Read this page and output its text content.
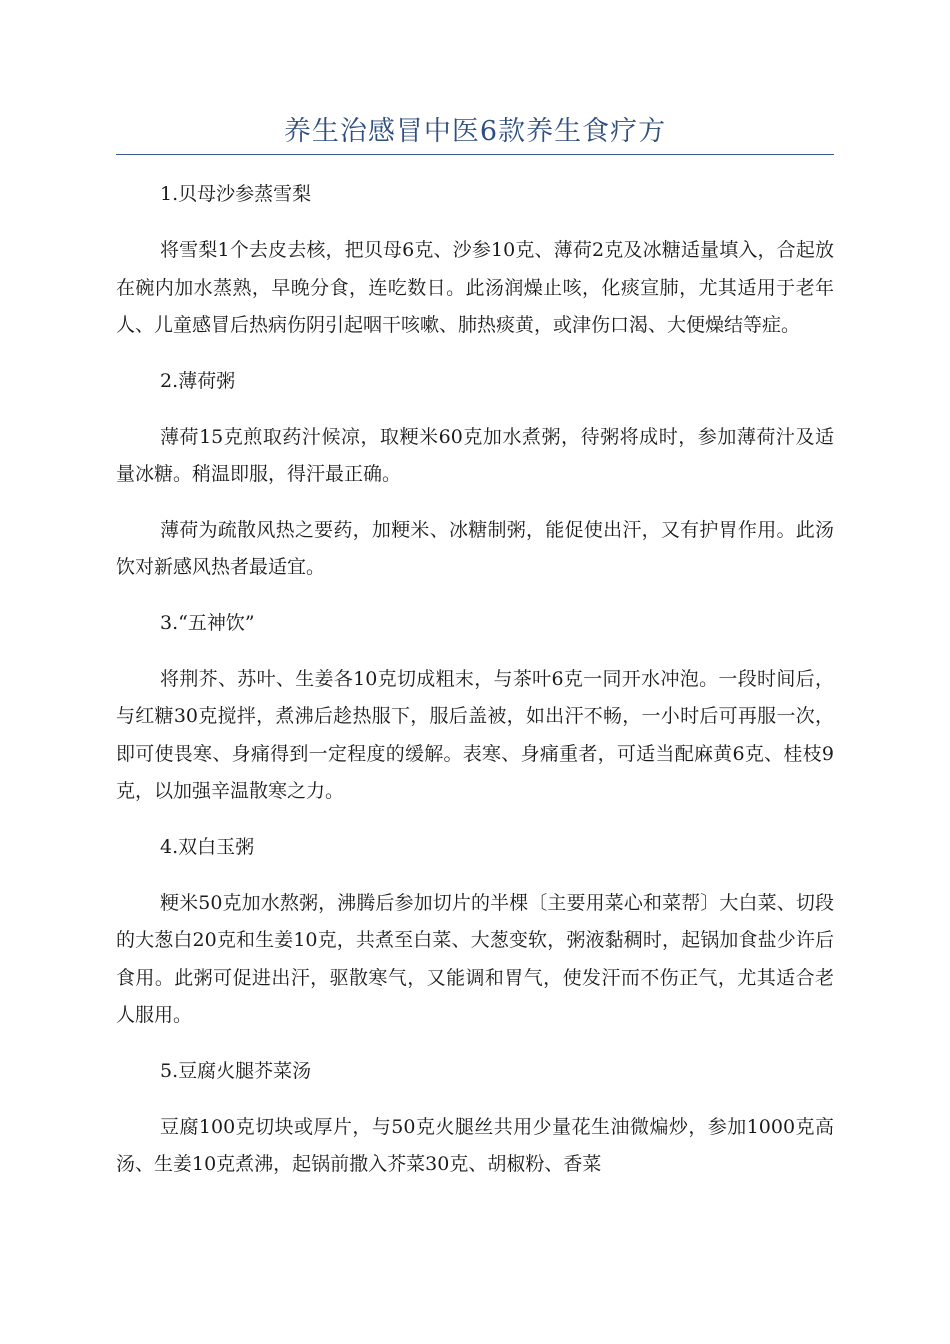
养生治感冒中医6款养生食疗方
1.贝母沙参蒸雪梨
将雪梨1个去皮去核，把贝母6克、沙参10克、薄荷2克及冰糖适量填入，合起放在碗内加水蒸熟，早晚分食，连吃数日。此汤润燥止咳，化痰宣肺，尤其适用于老年人、儿童感冒后热病伤阴引起咽干咳嗽、肺热痰黄，或津伤口渴、大便燥结等症。
2.薄荷粥
薄荷15克煎取药汁候凉，取粳米60克加水煮粥，待粥将成时，参加薄荷汁及适量冰糖。稍温即服，得汗最正确。
薄荷为疏散风热之要药，加粳米、冰糖制粥，能促使出汗，又有护胃作用。此汤饮对新感风热者最适宜。
3.“五神饮”
将荆芥、苏叶、生姜各10克切成粗末，与茶叶6克一同开水冲泡。一段时间后，与红糖30克搅拌，煮沸后趁热服下，服后盖被，如出汗不畅，一小时后可再服一次，即可使畏寒、身痛得到一定程度的缓解。表寒、身痛重者，可适当配麻黄6克、桂枝9克，以加强辛温散寒之力。
4.双白玉粥
粳米50克加水熬粥，沸腾后参加切片的半棵〔主要用菜心和菜帮〕大白菜、切段的大葱白20克和生姜10克，共煮至白菜、大葱变软，粥液黏稠时，起锅加食盐少许后食用。此粥可促进出汗，驱散寒气，又能调和胃气，使发汗而不伤正气，尤其适合老人服用。
5.豆腐火腿芥菜汤
豆腐100克切块或厚片，与50克火腿丝共用少量花生油微煸炒，参加1000克高汤、生姜10克煮沸，起锅前撒入芥菜30克、胡椒粉、香菜
